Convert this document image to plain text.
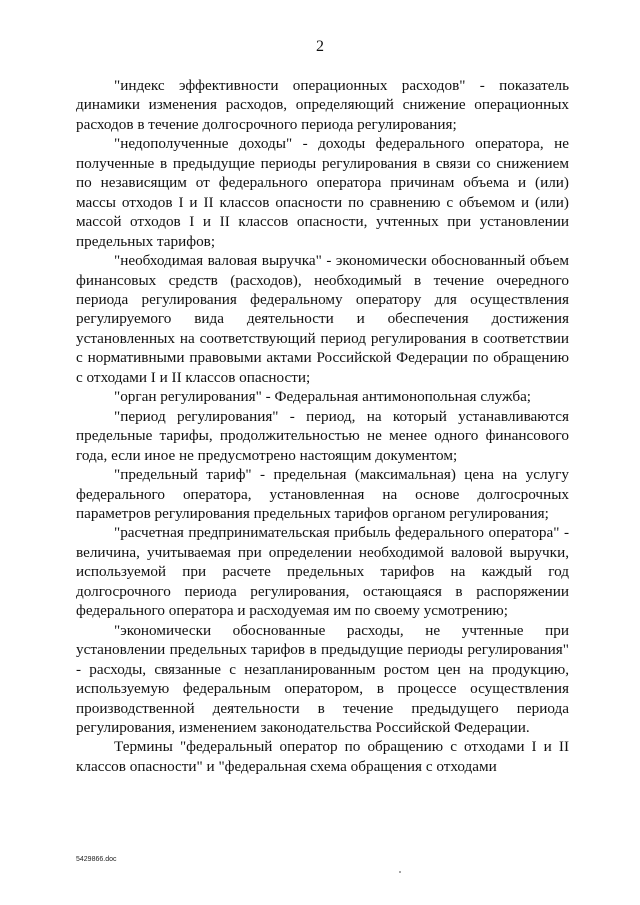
2

"индекс эффективности операционных расходов" - показатель динамики изменения расходов, определяющий снижение операционных расходов в течение долгосрочного периода регулирования;

"недополученные доходы" - доходы федерального оператора, не полученные в предыдущие периоды регулирования в связи со снижением по независящим от федерального оператора причинам объема и (или) массы отходов I и II классов опасности по сравнению с объемом и (или) массой отходов I и II классов опасности, учтенных при установлении предельных тарифов;

"необходимая валовая выручка" - экономически обоснованный объем финансовых средств (расходов), необходимый в течение очередного периода регулирования федеральному оператору для осуществления регулируемого вида деятельности и обеспечения достижения установленных на соответствующий период регулирования в соответствии с нормативными правовыми актами Российской Федерации по обращению с отходами I и II классов опасности;

"орган регулирования" - Федеральная антимонопольная служба;

"период регулирования" - период, на который устанавливаются предельные тарифы, продолжительностью не менее одного финансового года, если иное не предусмотрено настоящим документом;

"предельный тариф" - предельная (максимальная) цена на услугу федерального оператора, установленная на основе долгосрочных параметров регулирования предельных тарифов органом регулирования;

"расчетная предпринимательская прибыль федерального оператора" - величина, учитываемая при определении необходимой валовой выручки, используемой при расчете предельных тарифов на каждый год долгосрочного периода регулирования, остающаяся в распоряжении федерального оператора и расходуемая им по своему усмотрению;

"экономически обоснованные расходы, не учтенные при установлении предельных тарифов в предыдущие периоды регулирования" - расходы, связанные с незапланированным ростом цен на продукцию, используемую федеральным оператором, в процессе осуществления производственной деятельности в течение предыдущего периода регулирования, изменением законодательства Российской Федерации.

Термины "федеральный оператор по обращению с отходами I и II классов опасности" и "федеральная схема обращения с отходами

5429866.doc
